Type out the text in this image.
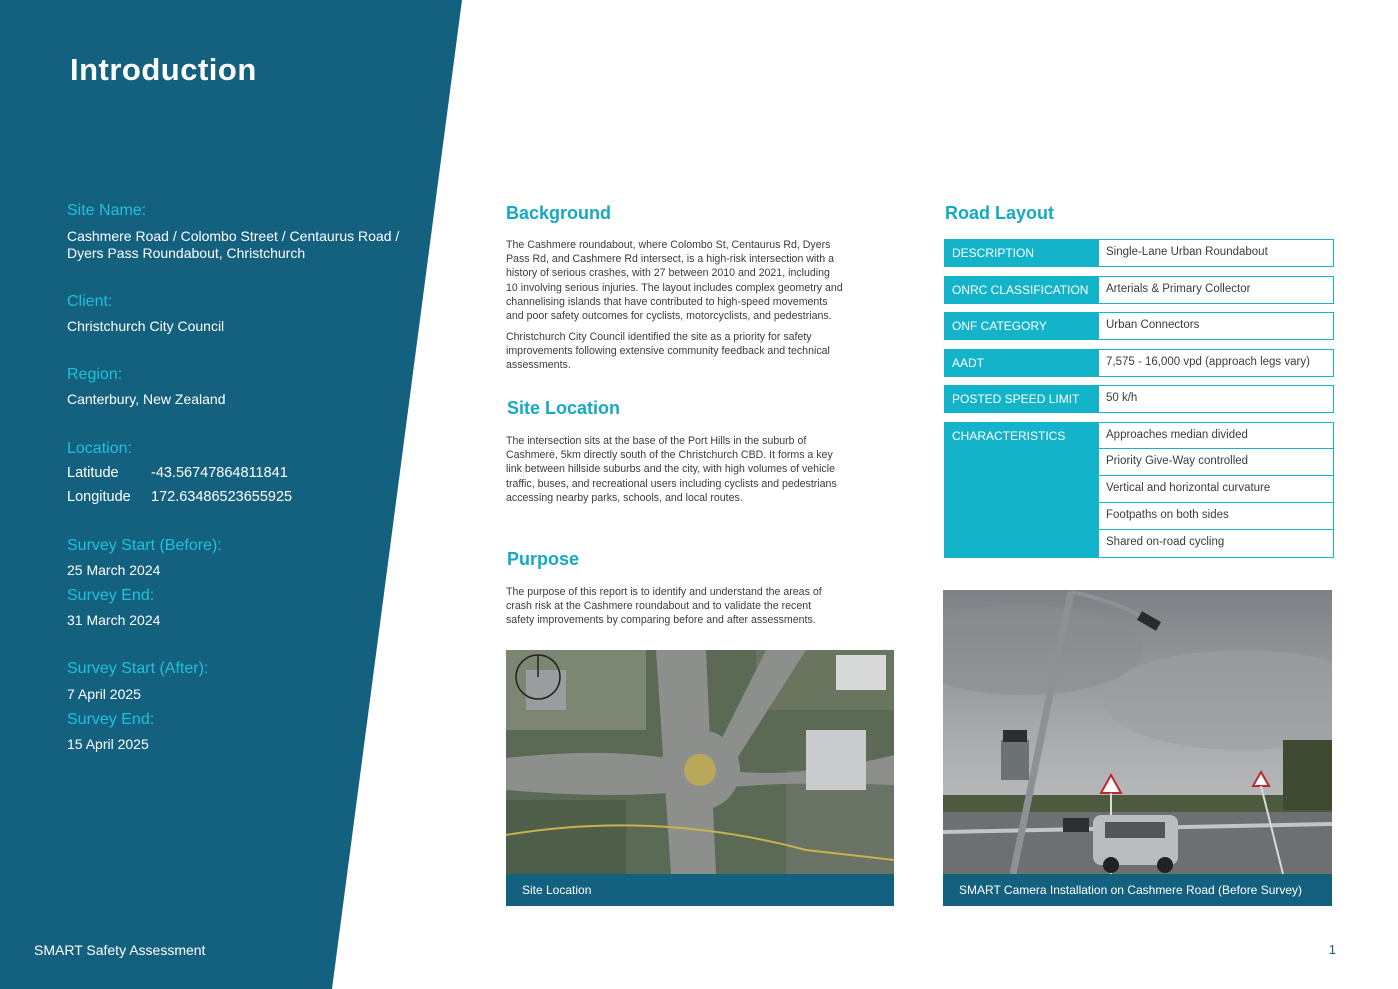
Introduction

Site Name:

Cashmere Road / Colombo Street / Centaurus Road /

Dyers Pass Roundabout, Christchurch

Client:

Christchurch City Council

Region:

Canterbury, New Zealand

Location:

Latitude -43.56747864811841
Longitude 172.63486523655925

Survey Start (Before):

25 March 2024

Survey End:

31 March 2024

Survey Start (After):

7 April 2025

Survey End:

15 April 2025

SMART Safety Assessment	1
Background
The Cashmere roundabout, where Colombo St, Centaurus Rd, Dyers
Pass Rd, and Cashmere Rd intersect, is a high-risk intersection with a
history of serious crashes, with 27 between 2010 and 2021, including
10 involving serious injuries. The layout includes complex geometry and
channelising islands that have contributed to high-speed movements
and poor safety outcomes for cyclists, motorcyclists, and pedestrians.
Christchurch City Council identified the site as a priority for safety
improvements following extensive community feedback and technical
assessments.
Site Location
The intersection sits at the base of the Port Hills in the suburb of
Cashmere, 5km directly south of the Christchurch CBD. It forms a key
link between hillside suburbs and the city, with high volumes of vehicle
traffic, buses, and recreational users including cyclists and pedestrians
accessing nearby parks, schools, and local routes.
Purpose
The purpose of this report is to identify and understand the areas of
crash risk at the Cashmere roundabout and to validate the recent
safety improvements by comparing before and after assessments.
Site Location
Road Layout
DESCRIPTION	Single-Lane Urban Roundabout
ONRC CLASSIFICATION	Arterials & Primary Collector
ONF CATEGORY	Urban Connectors
AADT	7,575 - 16,000 vpd (approach legs vary)
POSTED SPEED LIMIT	50 k/h
CHARACTERISTICS	Approaches median divided
Priority Give-Way controlled
Vertical and horizontal curvature
Footpaths on both sides
Shared on-road cycling
SMART Camera Installation on Cashmere Road (Before Survey)
